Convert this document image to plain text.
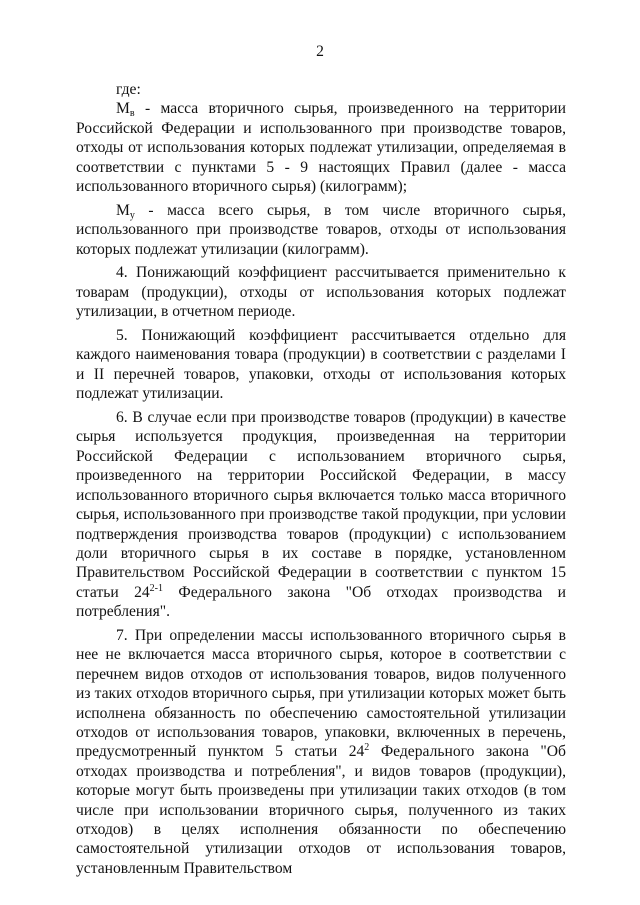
2
где:

$М_в$ - масса вторичного сырья, произведенного на территории Российской Федерации и использованного при производстве товаров, отходы от использования которых подлежат утилизации, определяемая в соответствии с пунктами 5 - 9 настоящих Правил (далее - масса использованного вторичного сырья) (килограмм);

$М_у$ - масса всего сырья, в том числе вторичного сырья, использованного при производстве товаров, отходы от использования которых подлежат утилизации (килограмм).

4. Понижающий коэффициент рассчитывается применительно к товарам (продукции), отходы от использования которых подлежат утилизации, в отчетном периоде.

5. Понижающий коэффициент рассчитывается отдельно для каждого наименования товара (продукции) в соответствии с разделами I и II перечней товаров, упаковки, отходы от использования которых подлежат утилизации.

6. В случае если при производстве товаров (продукции) в качестве сырья используется продукция, произведенная на территории Российской Федерации с использованием вторичного сырья, произведенного на территории Российской Федерации, в массу использованного вторичного сырья включается только масса вторичного сырья, использованного при производстве такой продукции, при условии подтверждения производства товаров (продукции) с использованием доли вторичного сырья в их составе в порядке, установленном Правительством Российской Федерации в соответствии с пунктом 15 статьи 24$^{2-1}$ Федерального закона "Об отходах производства и потребления".

7. При определении массы использованного вторичного сырья в нее не включается масса вторичного сырья, которое в соответствии с перечнем видов отходов от использования товаров, видов полученного из таких отходов вторичного сырья, при утилизации которых может быть исполнена обязанность по обеспечению самостоятельной утилизации отходов от использования товаров, упаковки, включенных в перечень, предусмотренный пунктом 5 статьи $24^2$ Федерального закона "Об отходах производства и потребления", и видов товаров (продукции), которые могут быть произведены при утилизации таких отходов (в том числе при использовании вторичного сырья, полученного из таких отходов) в целях исполнения обязанности по обеспечению самостоятельной утилизации отходов от использования товаров, установленным Правительством
